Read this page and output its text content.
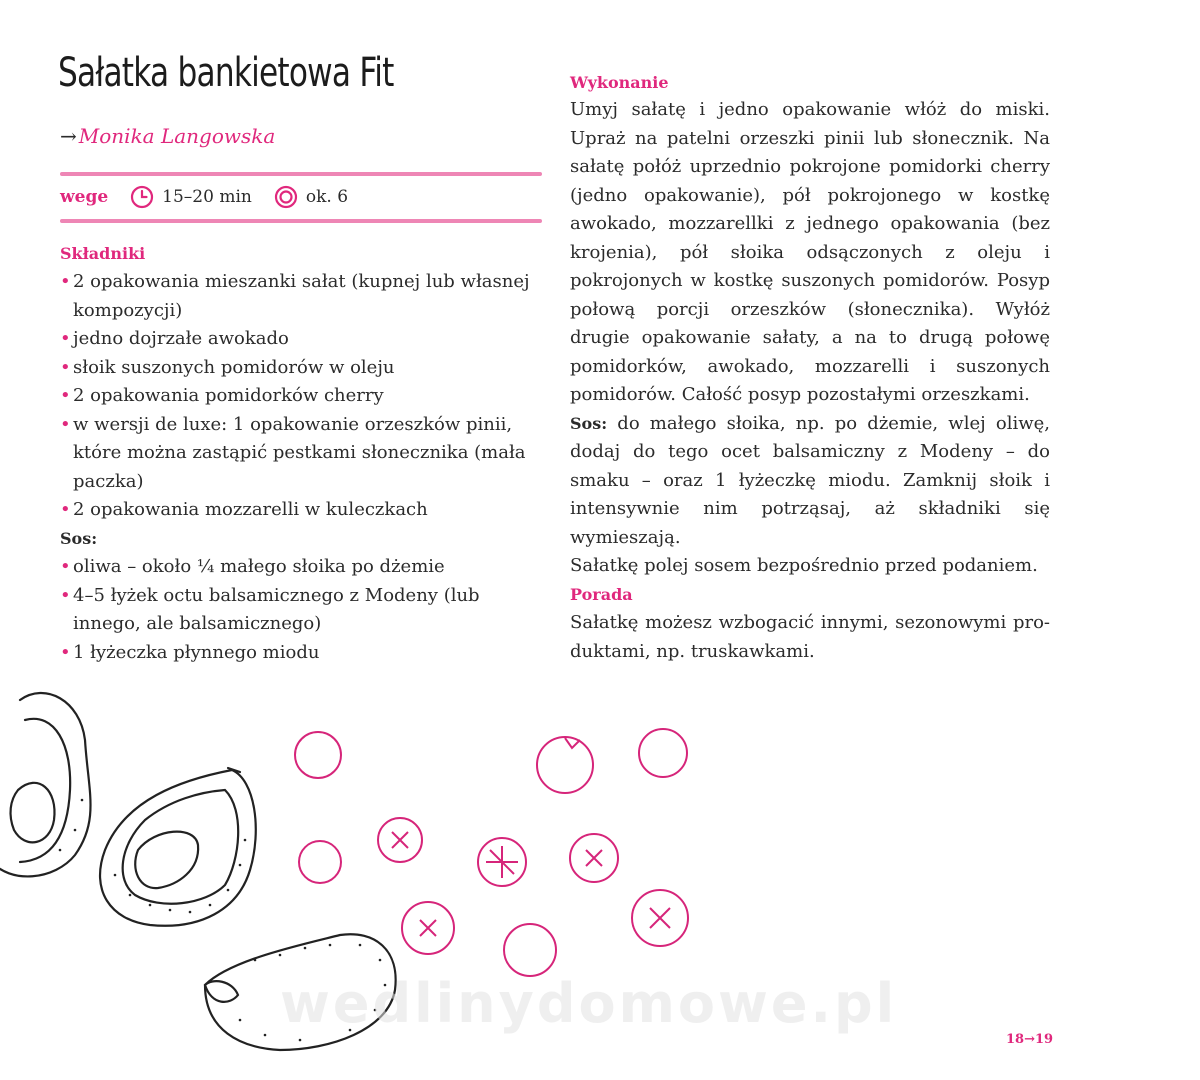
Sałatka bankietowa Fit
→ Monika Langowska
wege	15–20 min	ok. 6
Składniki
• 2 opakowania mieszanki sałat (kupnej lub własnej
kompozycji)
• jedno dojrzałe awokado
• słoik suszonych pomidorów w oleju
• 2 opakowania pomidorków cherry
• w wersji de luxe: 1 opakowanie orzeszków pinii,
które można zastąpić pestkami słonecznika (mała
paczka)
• 2 opakowania mozzarelli w kuleczkach
Sos:
• oliwa – około ¼ małego słoika po dżemie
• 4–5 łyżek octu balsamicznego z Modeny (lub
innego, ale balsamicznego)
• 1 łyżeczka płynnego miodu
Wykonanie

Umyj sałatę i jedno opakowanie włóż do miski. Upraż na patelni orzeszki pinii lub słonecznik. Na sałatę połóż uprzednio pokrojone pomidorki cherry (jedno opakowanie), pół pokrojonego w kostkę awokado, mozzarellki z jednego opakowania (bez krojenia), pół słoika odsączonych z oleju i pokrojonych w kostkę suszonych pomidorów. Posyp połową porcji orzeszków (słonecznika). Wyłóż drugie opakowanie sałaty, a na to drugą połowę pomidorków, awokado, mozzarelli i suszonych pomidorów. Całość posyp pozostałymi orzeszkami.

Sos: do małego słoika, np. po dżemie, wlej oliwę, dodaj do tego ocet balsamiczny z Modeny – do smaku – oraz 1 łyżeczkę miodu. Zamknij słoik i intensywnie nim potrząsaj, aż składniki się wymieszają.

Sałatkę polej sosem bezpośrednio przed podaniem.

Porada

Sałatkę możesz wzbogacić innymi, sezonowymi pro- duktami, np. truskawkami.

wedlinydomowe.pl
18→19
